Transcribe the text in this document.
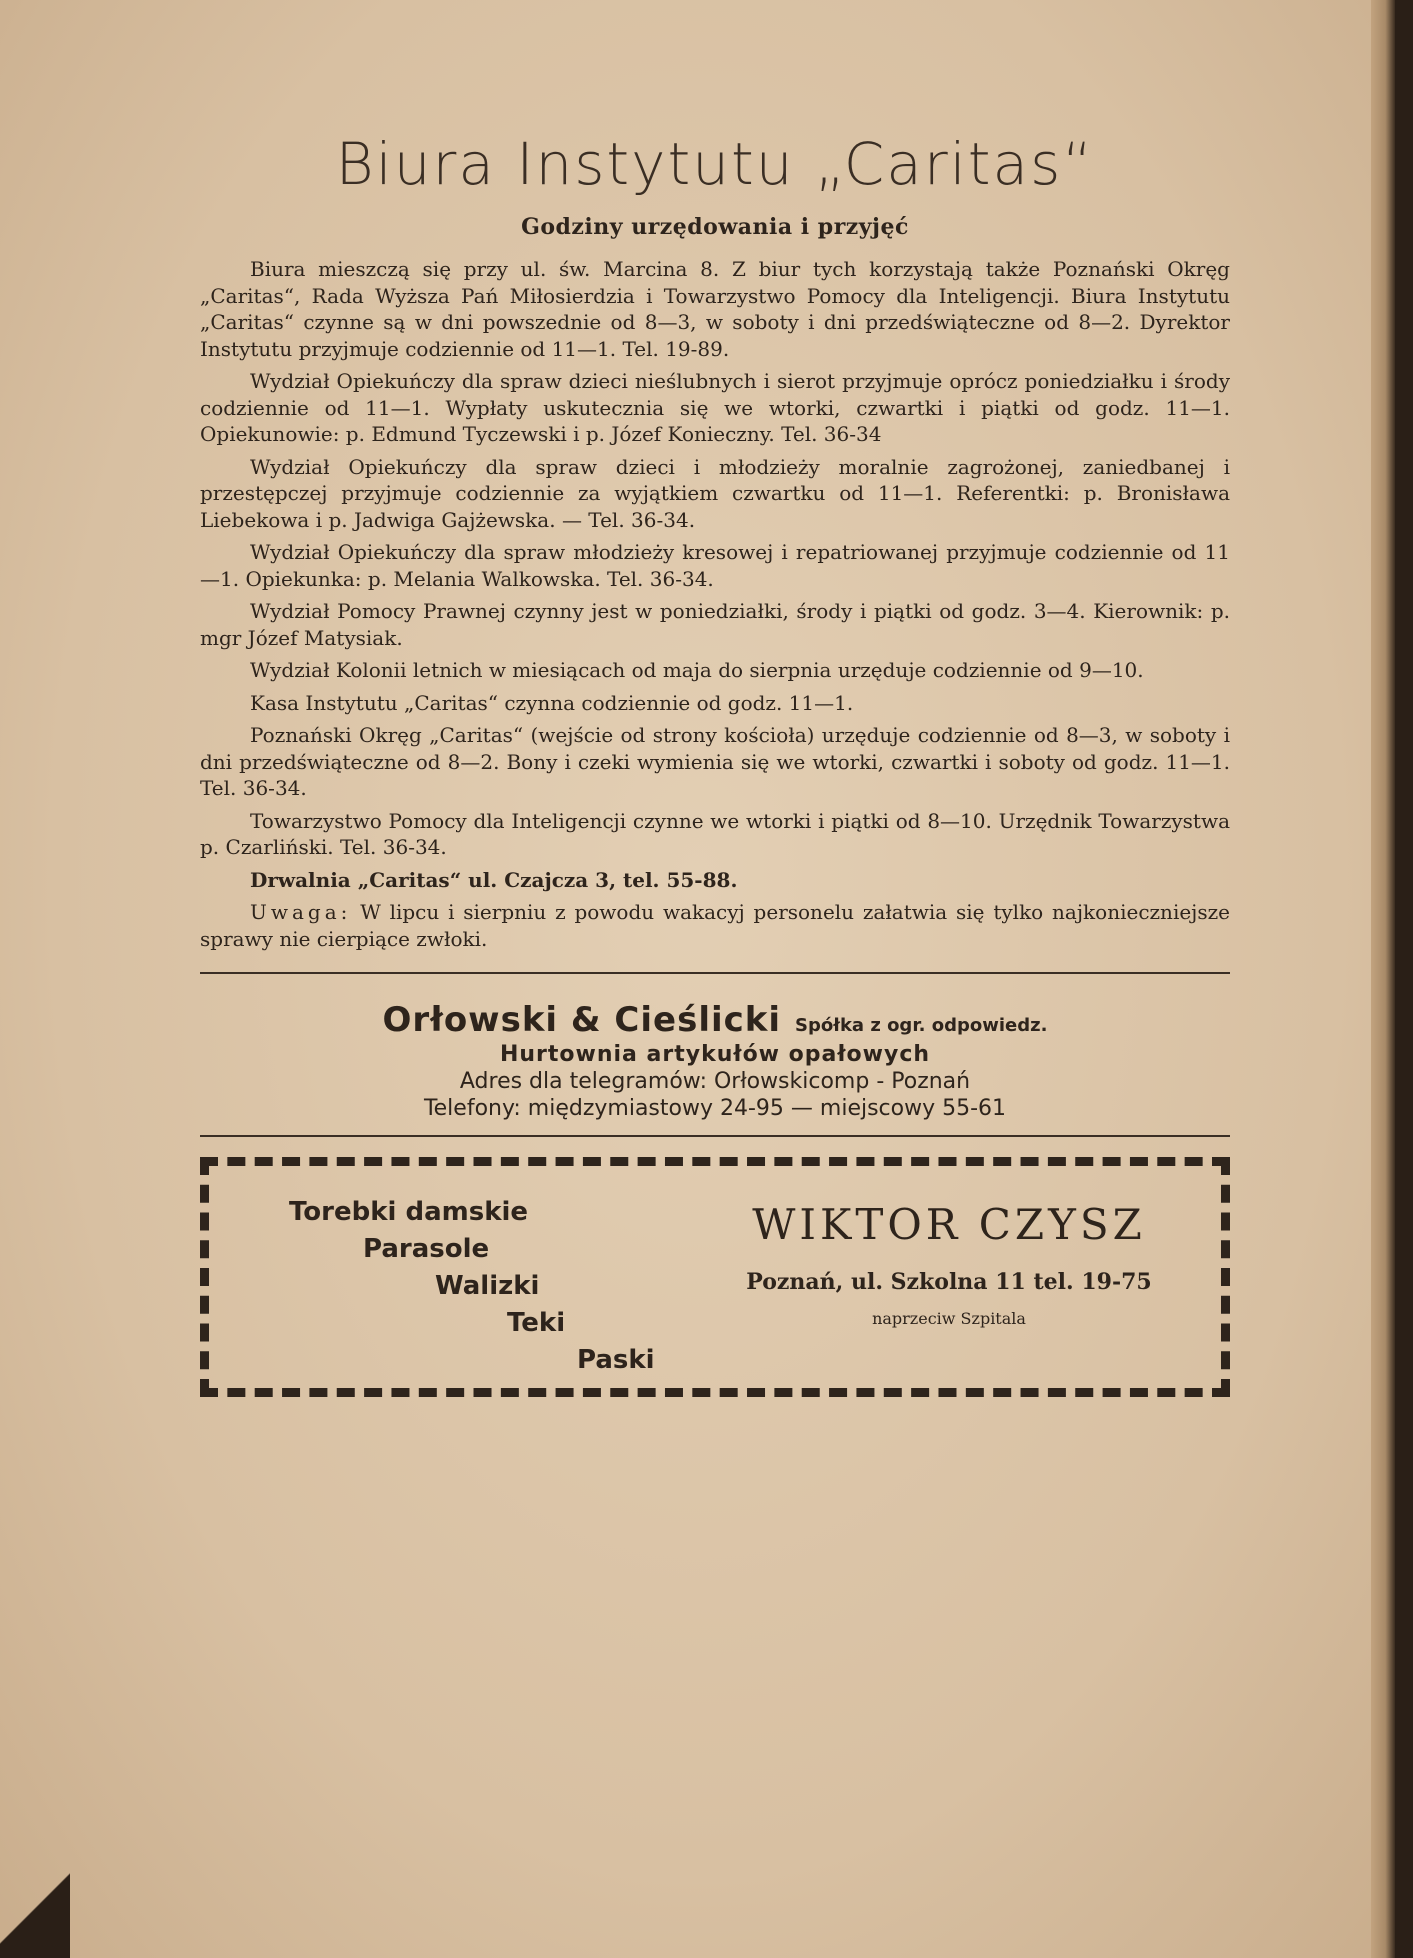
Biura Instytutu „Caritas“
Godziny urzędowania i przyjęć

Biura mieszczą się przy ul. św. Marcina 8. Z biur tych korzystają także Poznański Okręg „Caritas“, Rada Wyższa Pań Miłosierdzia i Towarzystwo Pomocy dla Inteligencji. Biura Instytutu „Caritas“ czynne są w dni powszednie od 8—3, w soboty i dni przedświąteczne od 8—2. Dyrektor Instytutu przyjmuje codziennie od 11—1. Tel. 19-89.

Wydział Opiekuńczy dla spraw dzieci nieślubnych i sierot przyjmuje oprócz poniedziałku i środy codziennie od 11—1. Wypłaty uskutecznia się we wtorki, czwartki i piątki od godz. 11—1. Opiekunowie: p. Edmund Tyczewski i p. Józef Konieczny. Tel. 36-34

Wydział Opiekuńczy dla spraw dzieci i młodzieży moralnie zagrożonej, zaniedbanej i przestępczej przyjmuje codziennie za wyjątkiem czwartku od 11—1. Referentki: p. Bronisława Liebekowa i p. Jadwiga Gajżewska. — Tel. 36-34.

Wydział Opiekuńczy dla spraw młodzieży kresowej i repatriowanej przyjmuje codziennie od 11—1. Opiekunka: p. Melania Walkowska. Tel. 36-34.

Wydział Pomocy Prawnej czynny jest w poniedziałki, środy i piątki od godz. 3—4. Kierownik: p. mgr Józef Matysiak.

Wydział Kolonii letnich w miesiącach od maja do sierpnia urzęduje codziennie od 9—10.

Kasa Instytutu „Caritas“ czynna codziennie od godz. 11—1.

Poznański Okręg „Caritas“ (wejście od strony kościoła) urzęduje codziennie od 8—3, w soboty i dni przedświąteczne od 8—2. Bony i czeki wymienia się we wtorki, czwartki i soboty od godz. 11—1. Tel. 36-34.

Towarzystwo Pomocy dla Inteligencji czynne we wtorki i piątki od 8—10. Urzędnik Towarzystwa p. Czarliński. Tel. 36-34.

Drwalnia „Caritas“ ul. Czajcza 3, tel. 55-88.

Uwaga: W lipcu i sierpniu z powodu wakacyj personelu załatwia się tylko najkonieczniejsze sprawy nie cierpiące zwłoki.

Orłowski & Cieślicki Spółka z ogr. odpowiedz.
Hurtownia artykułów opałowych
Adres dla telegramów: Orłowskicomp - Poznań
Telefony: międzymiastowy 24-95 — miejscowy 55-61
Torebki damskie
Parasole
Walizki
Teki
Paski
WIKTOR CZYSZ
Poznań, ul. Szkolna 11 tel. 19-75
naprzeciw Szpitala
